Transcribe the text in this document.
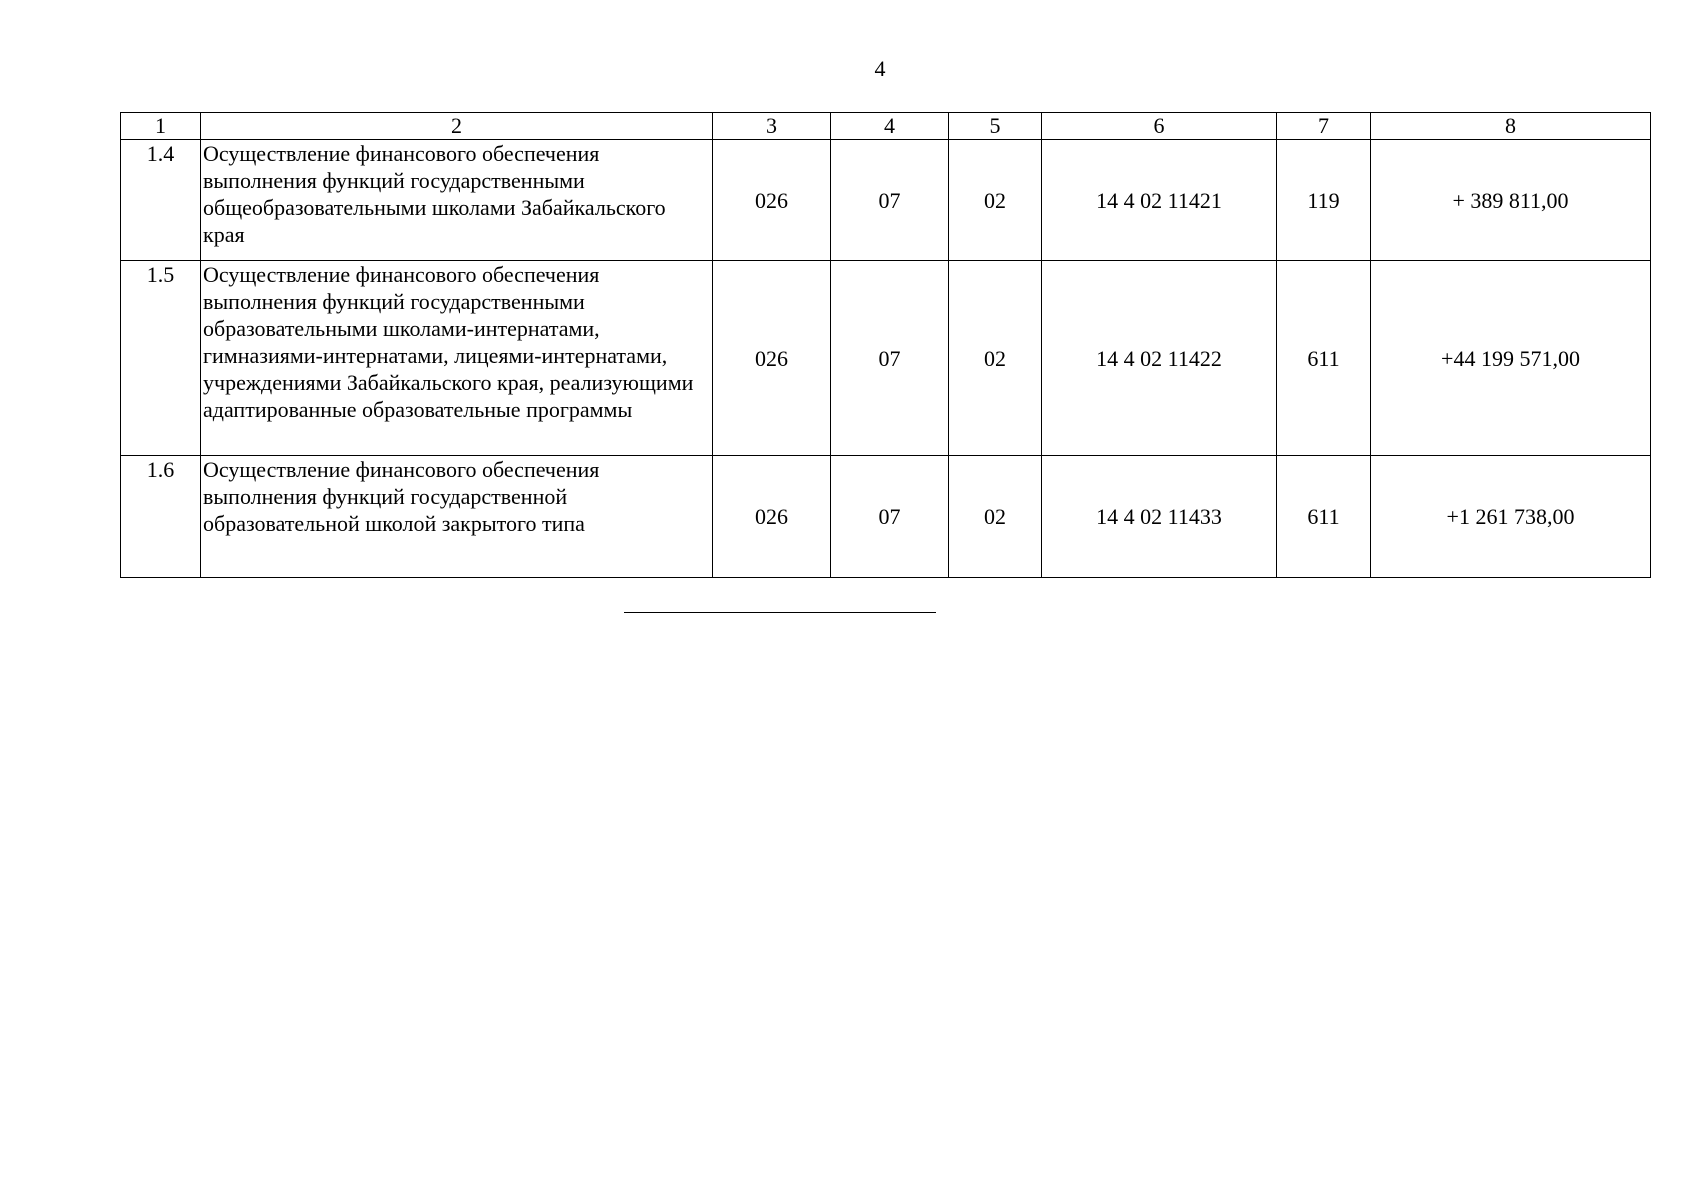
4
1	2	3	4	5	6	7	8
1.4	Осуществление финансового обеспечения выполнения функций государственными общеобразовательными школами Забайкальского края	026	07	02	14 4 02 11421	119	+ 389 811,00
1.5	Осуществление финансового обеспечения выполнения функций государственными образовательными школами-интернатами, гимназиями-интернатами, лицеями-интернатами, учреждениями Забайкальского края, реализующими адаптированные образовательные программы	026	07	02	14 4 02 11422	611	+44 199 571,00
1.6	Осуществление финансового обеспечения выполнения функций государственной образовательной школой закрытого типа	026	07	02	14 4 02 11433	611	+1 261 738,00
